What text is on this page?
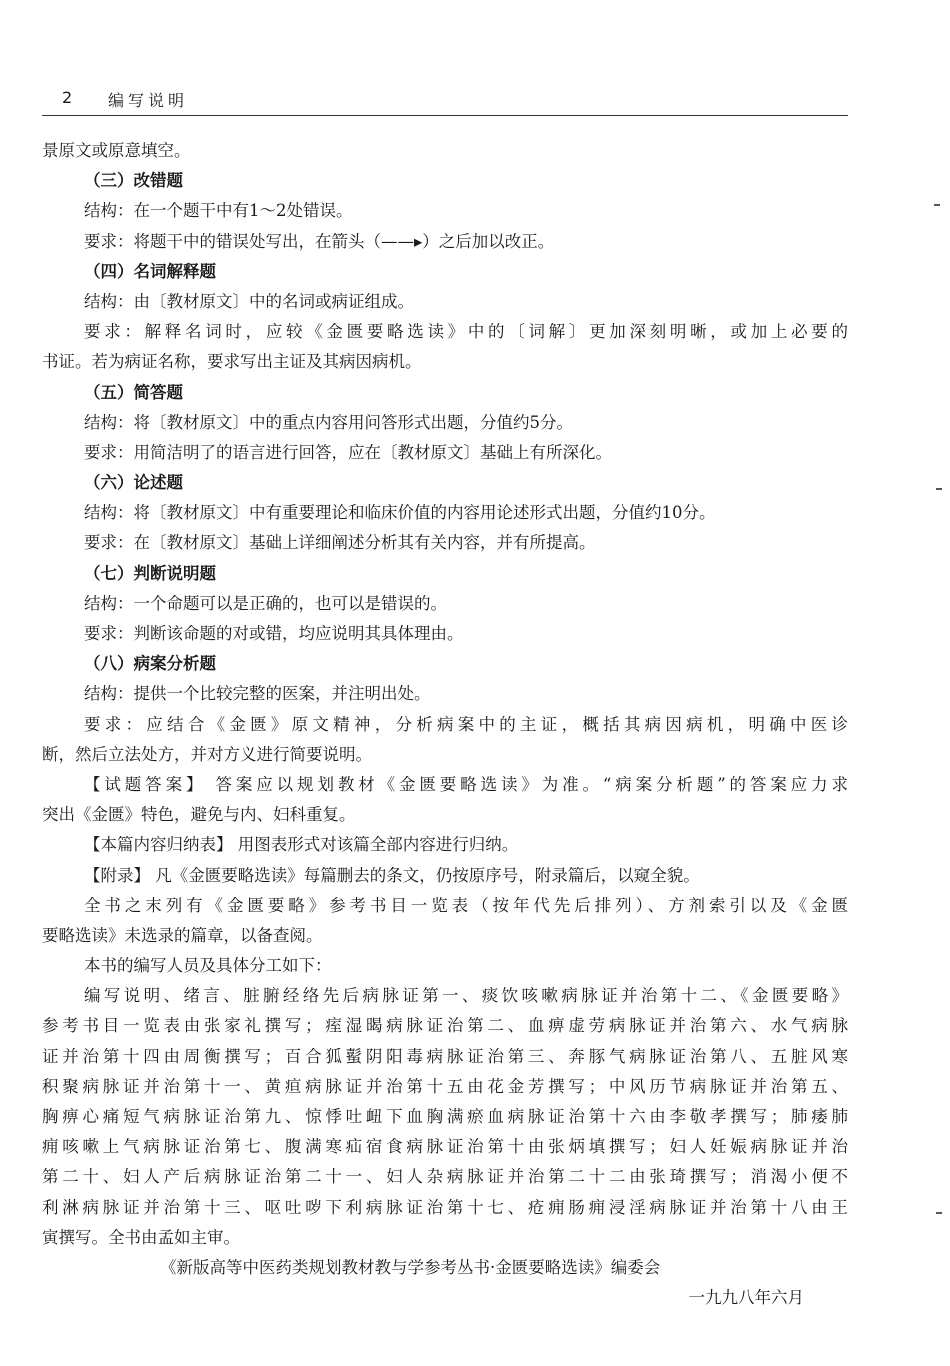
2 编写说明
景原文或原意填空。
（三）改错题
结构：在一个题干中有1～2处错误。
要求：将题干中的错误处写出，在箭头（——▸）之后加以改正。
（四）名词解释题
结构：由〔教材原文〕中的名词或病证组成。
要求：解释名词时，应较《金匮要略选读》中的〔词解〕更加深刻明晰，或加上必要的
书证。若为病证名称，要求写出主证及其病因病机。
（五）简答题
结构：将〔教材原文〕中的重点内容用问答形式出题，分值约5分。
要求：用简洁明了的语言进行回答，应在〔教材原文〕基础上有所深化。
（六）论述题
结构：将〔教材原文〕中有重要理论和临床价值的内容用论述形式出题，分值约10分。
要求：在〔教材原文〕基础上详细阐述分析其有关内容，并有所提高。
（七）判断说明题
结构：一个命题可以是正确的，也可以是错误的。
要求：判断该命题的对或错，均应说明其具体理由。
（八）病案分析题
结构：提供一个比较完整的医案，并注明出处。
要求：应结合《金匮》原文精神，分析病案中的主证，概括其病因病机，明确中医诊
断，然后立法处方，并对方义进行简要说明。
【试题答案】 答案应以规划教材《金匮要略选读》为准。“病案分析题”的答案应力求
突出《金匮》特色，避免与内、妇科重复。
【本篇内容归纳表】 用图表形式对该篇全部内容进行归纳。
【附录】 凡《金匮要略选读》每篇删去的条文，仍按原序号，附录篇后，以窥全貌。
全书之末列有《金匮要略》参考书目一览表（按年代先后排列）、方剂索引以及《金匮
要略选读》未选录的篇章，以备查阅。
本书的编写人员及具体分工如下：
编写说明、绪言、脏腑经络先后病脉证第一、痰饮咳嗽病脉证并治第十二、《金匮要略》
参考书目一览表由张家礼撰写；痓湿暍病脉证治第二、血痹虚劳病脉证并治第六、水气病脉
证并治第十四由周衡撰写；百合狐蟚阴阳毒病脉证治第三、奔豚气病脉证治第八、五脏风寒
积聚病脉证并治第十一、黄疸病脉证并治第十五由花金芳撰写；中风历节病脉证并治第五、
胸痹心痛短气病脉证治第九、惊悸吐衄下血胸满瘀血病脉证治第十六由李敬孝撰写；肺痿肺
痈咳嗽上气病脉证治第七、腹满寒疝宿食病脉证治第十由张炳填撰写；妇人妊娠病脉证并治
第二十、妇人产后病脉证治第二十一、妇人杂病脉证并治第二十二由张琦撰写；消渴小便不
利淋病脉证并治第十三、呕吐哕下利病脉证治第十七、疮痈肠痈浸淫病脉证并治第十八由王
寅撰写。全书由孟如主审。
《新版高等中医药类规划教材教与学参考丛书·金匮要略选读》编委会
一九九八年六月
